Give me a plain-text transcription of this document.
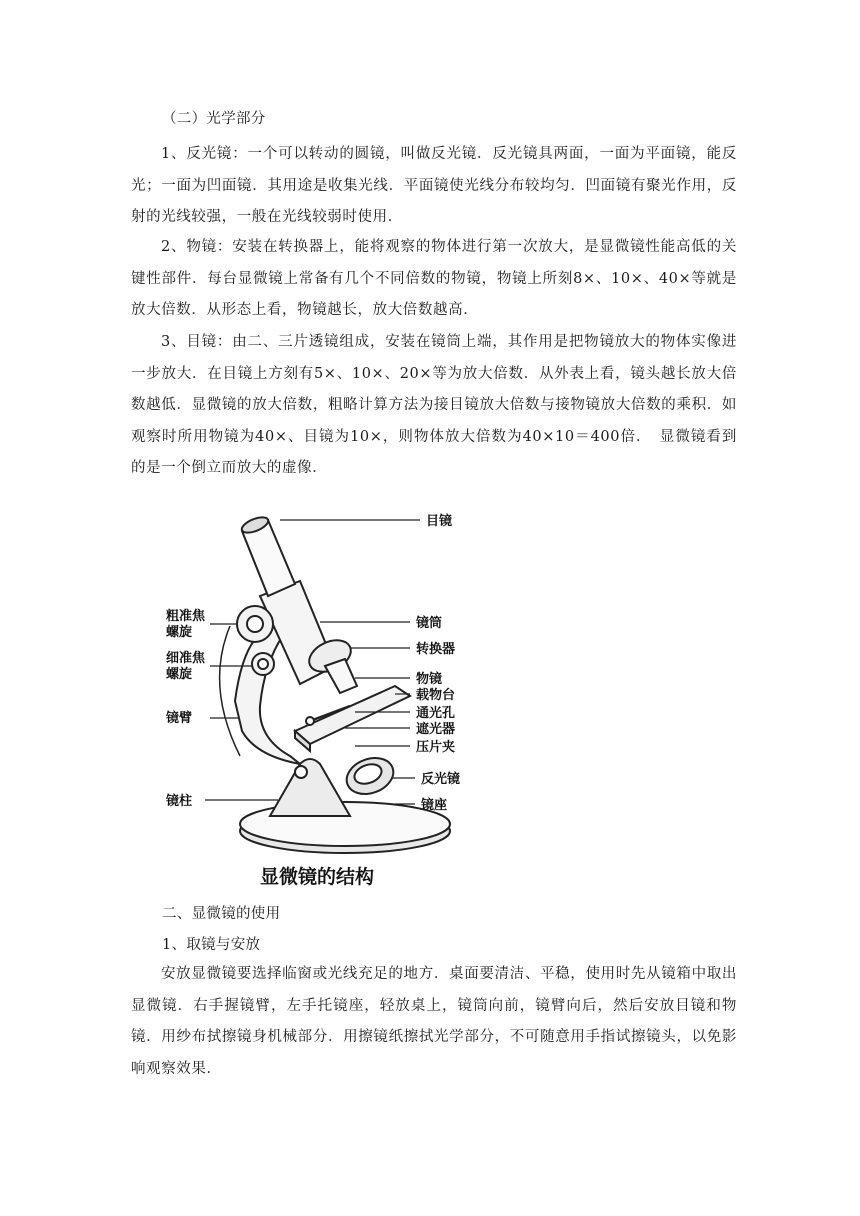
（二）光学部分

1、反光镜：一个可以转动的圆镜，叫做反光镜．反光镜具两面，一面为平面镜，能反光；一面为凹面镜．其用途是收集光线．平面镜使光线分布较均匀．凹面镜有聚光作用，反射的光线较强，一般在光线较弱时使用．

2、物镜：安装在转换器上，能将观察的物体进行第一次放大，是显微镜性能高低的关键性部件．每台显微镜上常备有几个不同倍数的物镜，物镜上所刻8×、10×、40×等就是放大倍数．从形态上看，物镜越长，放大倍数越高．

3、目镜：由二、三片透镜组成，安装在镜筒上端，其作用是把物镜放大的物体实像进一步放大．在目镜上方刻有5×、10×、20×等为放大倍数．从外表上看，镜头越长放大倍数越低．显微镜的放大倍数，粗略计算方法为接目镜放大倍数与接物镜放大倍数的乘积．如观察时所用物镜为40×、目镜为10×，则物体放大倍数为40×10＝400倍．　显微镜看到的是一个倒立而放大的虚像．

目镜
镜筒
转换器
物镜
载物台
通光孔
遮光器
压片夹
反光镜
镜座
粗准焦
螺旋
细准焦
螺旋
镜臂
镜柱
显微镜的结构
二、显微镜的使用
1、取镜与安放

安放显微镜要选择临窗或光线充足的地方．桌面要清洁、平稳，使用时先从镜箱中取出显微镜．右手握镜臂，左手托镜座，轻放桌上，镜筒向前，镜臂向后，然后安放目镜和物镜．用纱布拭擦镜身机械部分．用擦镜纸擦拭光学部分，不可随意用手指试擦镜头，以免影响观察效果．
